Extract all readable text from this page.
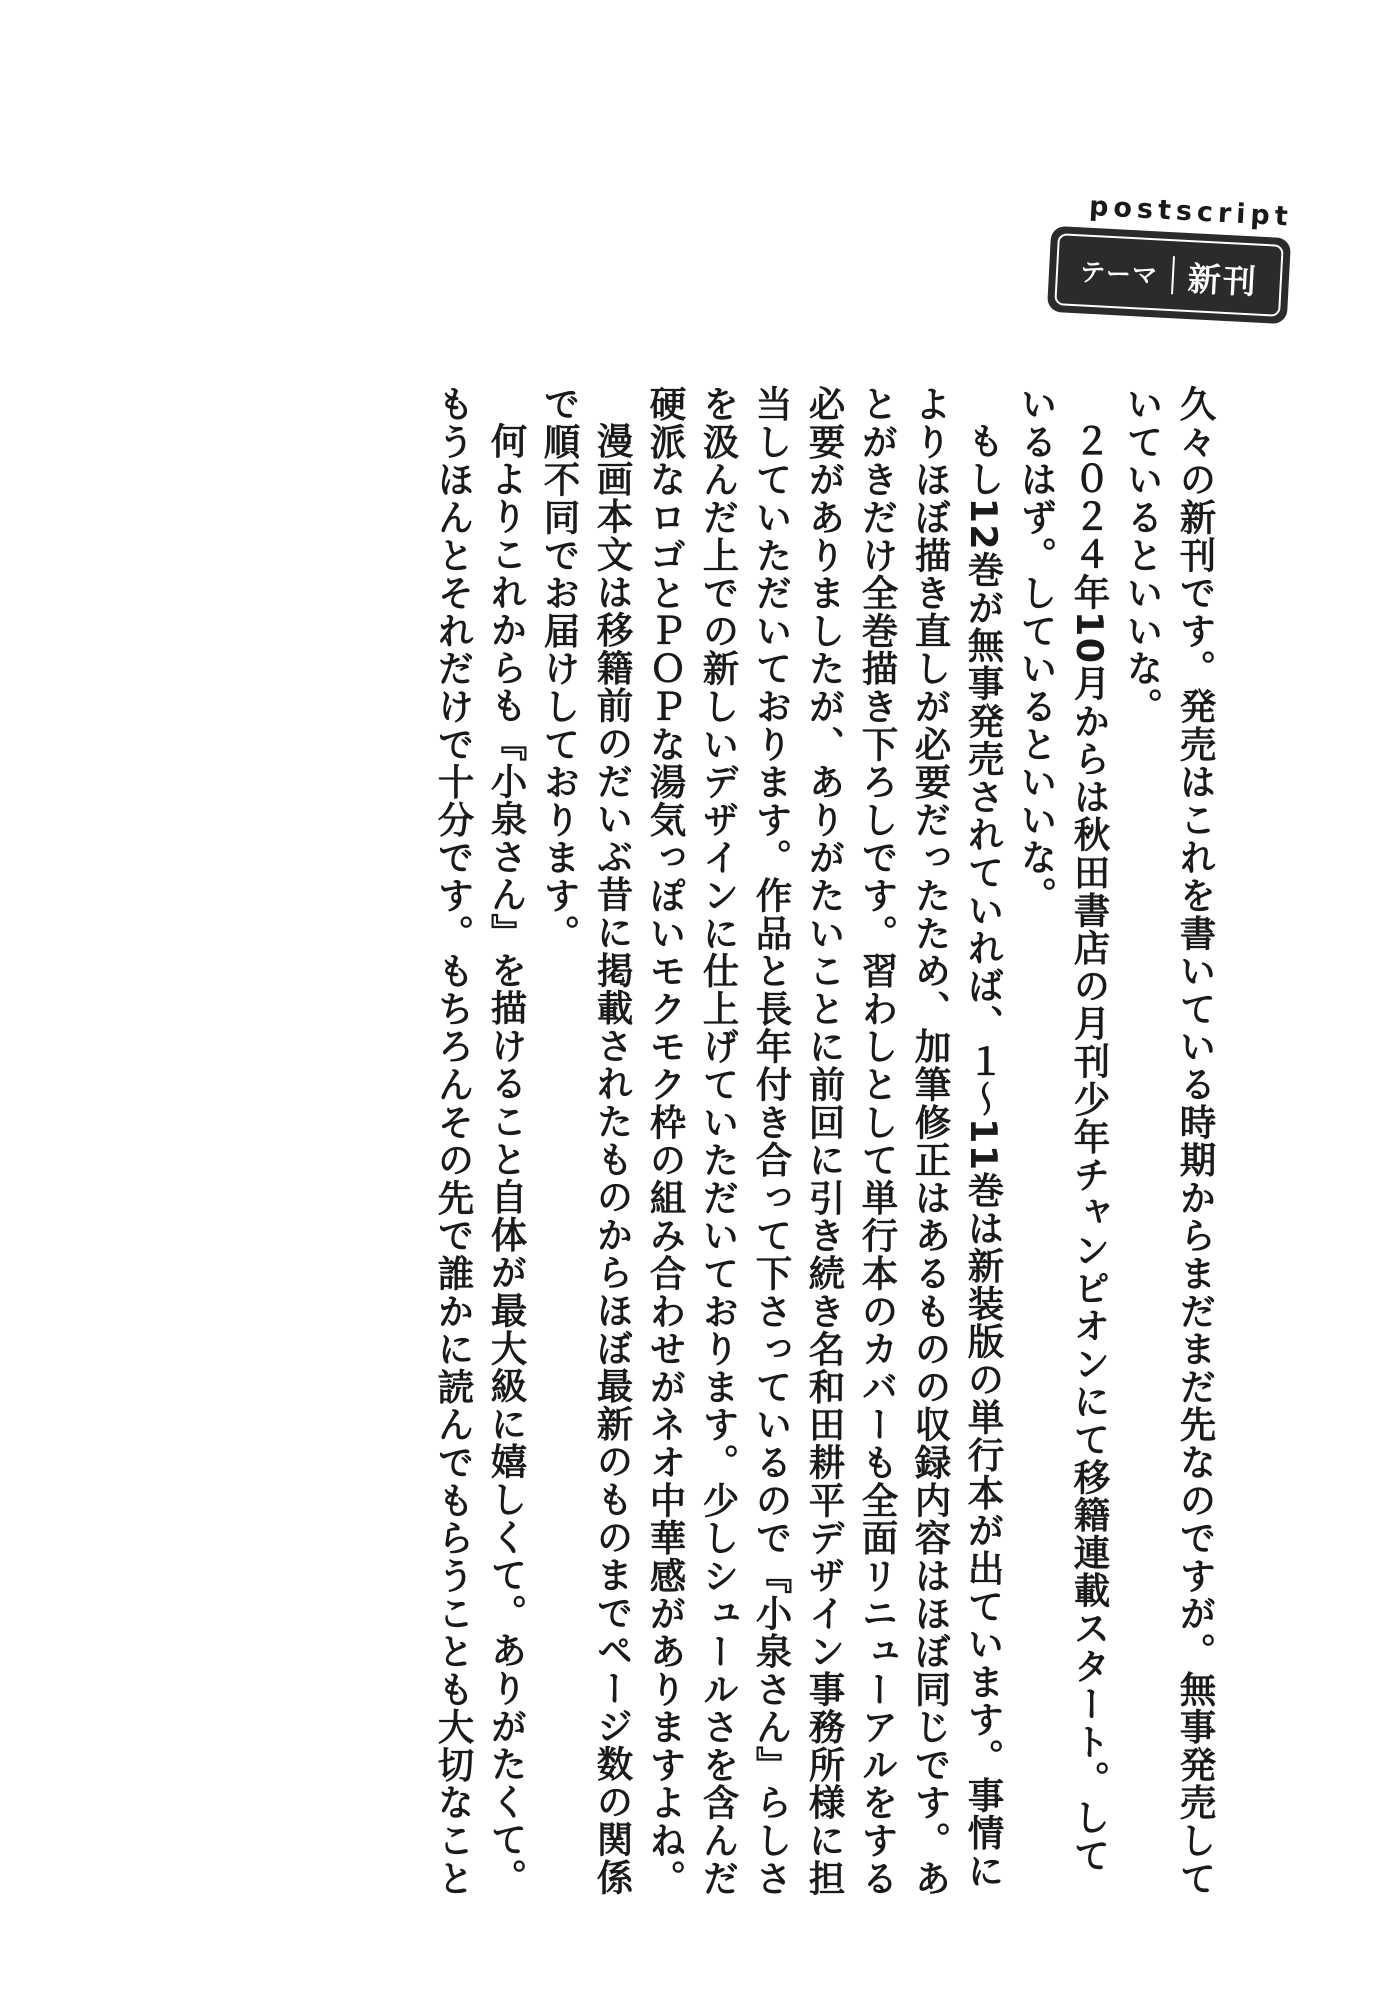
postscript
テーマ 新刊

久々の新刊です。発売はこれを書いている時期からまだまだ先なのですが。無事発売していているといいな。

２０２４年10月からは秋田書店の月刊少年チャンピオンにて移籍連載スタート。しているはず。しているといいな。

もし12巻が無事発売されていれば、１～11巻は新装版の単行本が出ています。事情によりほぼ描き直しが必要だったため、加筆修正はあるものの収録内容はほぼ同じです。あとがきだけ全巻描き下ろしです。習わしとして単行本のカバーも全面リニューアルをする必要がありましたが、ありがたいことに前回に引き続き名和田耕平デザイン事務所様に担当していただいております。作品と長年付き合って下さっているので『小泉さん』らしさを汲んだ上での新しいデザインに仕上げていただいております。少しシュールさを含んだ硬派なロゴとＰＯＰな湯気っぽいモクモク枠の組み合わせがネオ中華感がありますよね。

漫画本文は移籍前のだいぶ昔に掲載されたものからほぼ最新のものまでページ数の関係で順不同でお届けしております。

何よりこれからも『小泉さん』を描けること自体が最大級に嬉しくて。ありがたくて。もうほんとそれだけで十分です。もちろんその先で誰かに読んでもらうことも大切なこと
